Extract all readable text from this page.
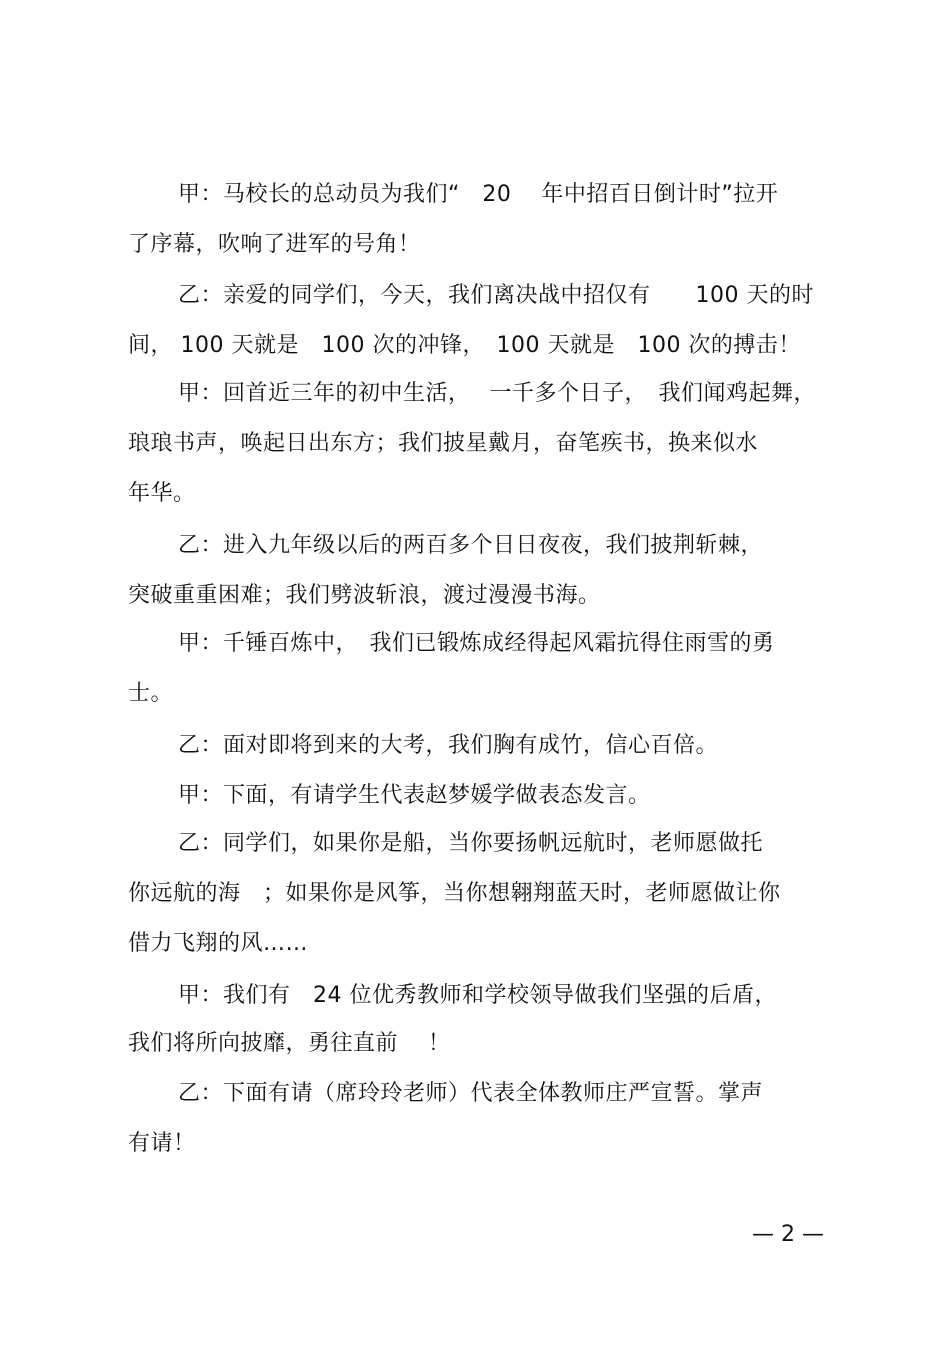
甲：马校长的总动员为我们“　20　 年中招百日倒计时”拉开
了序幕，吹响了进军的号角！
乙：亲爱的同学们，今天，我们离决战中招仅有　　100 天的时
间， 100 天就是　100 次的冲锋，　100 天就是　100 次的搏击！
甲：回首近三年的初中生活，　 一千多个日子，　我们闻鸡起舞，
琅琅书声，唤起日出东方；我们披星戴月，奋笔疾书，换来似水
年华。
乙：进入九年级以后的两百多个日日夜夜，我们披荆斩棘，
突破重重困难；我们劈波斩浪，渡过漫漫书海。
甲：千锤百炼中，　我们已锻炼成经得起风霜抗得住雨雪的勇
士。
乙：面对即将到来的大考，我们胸有成竹，信心百倍。
甲：下面，有请学生代表赵梦媛学做表态发言。
乙：同学们，如果你是船，当你要扬帆远航时，老师愿做托
你远航的海　；如果你是风筝，当你想翱翔蓝天时，老师愿做让你
借力飞翔的风……
甲：我们有　24 位优秀教师和学校领导做我们坚强的后盾，
我们将所向披靡，勇往直前　 ！
乙：下面有请（席玲玲老师）代表全体教师庄严宣誓。掌声
有请！
— 2 —
